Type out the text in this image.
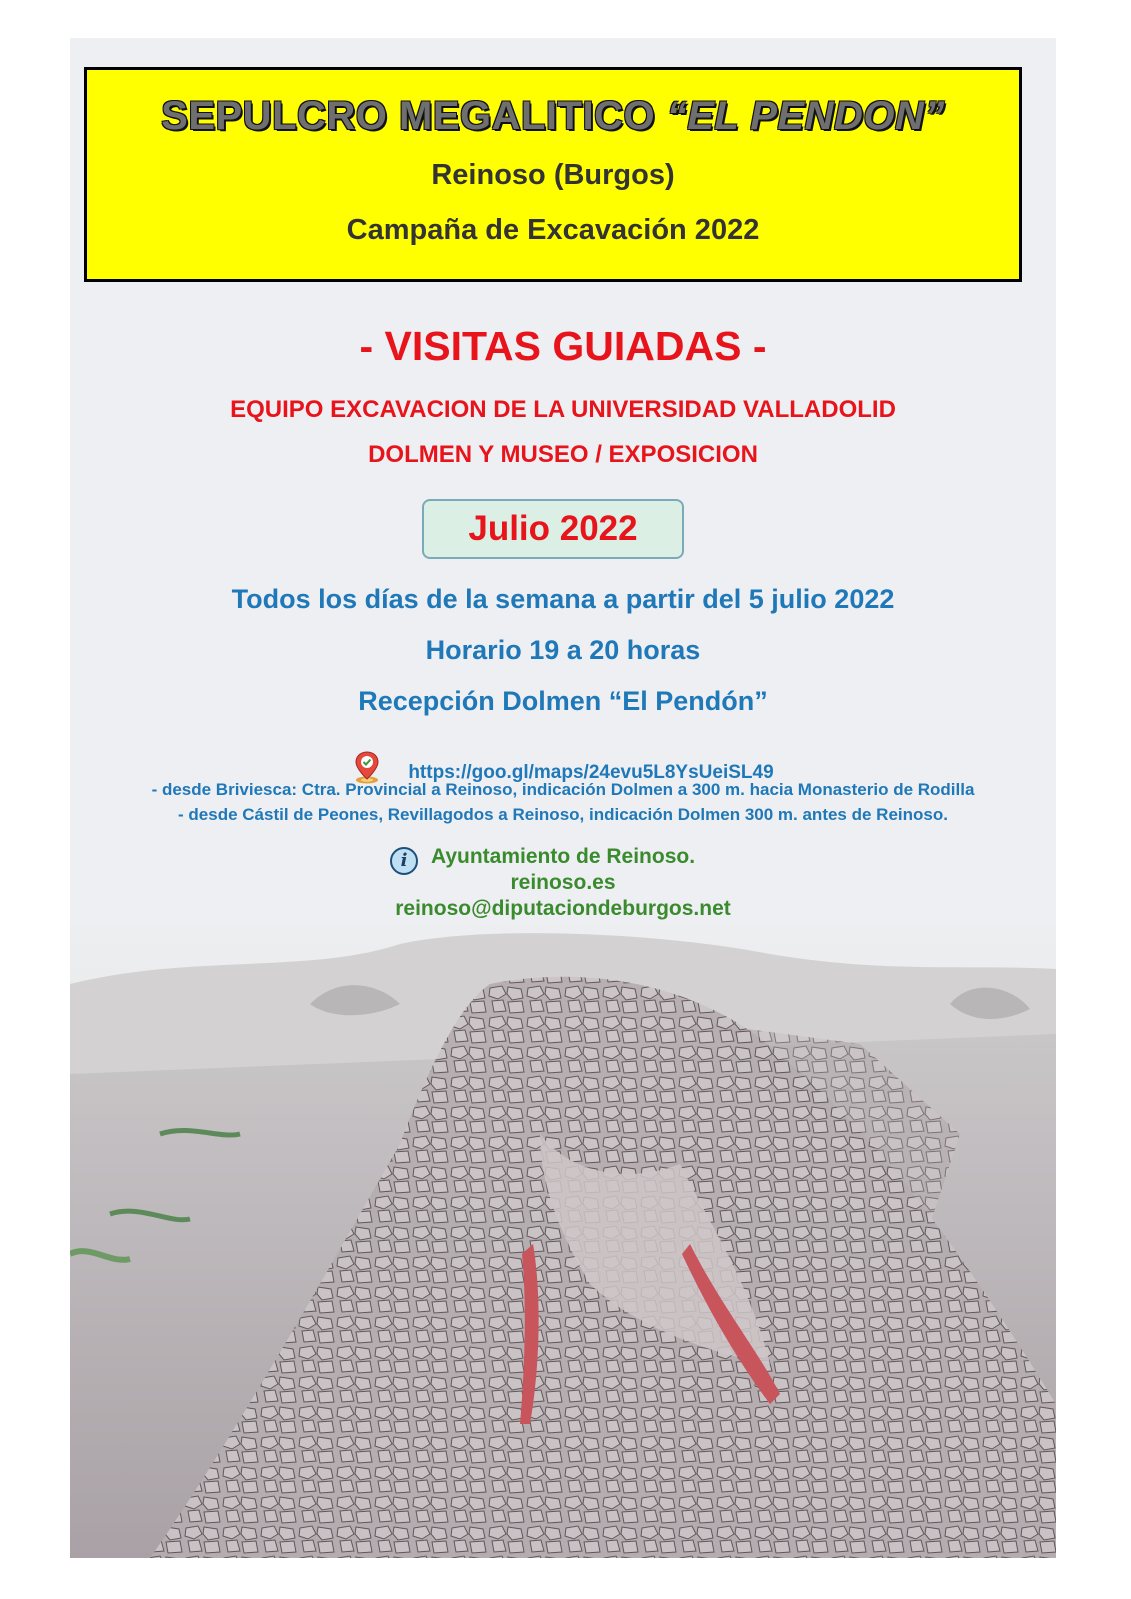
SEPULCRO MEGALITICO “EL PENDON”
Reinoso (Burgos)
Campaña de Excavación 2022
- VISITAS GUIADAS -
EQUIPO EXCAVACION DE LA UNIVERSIDAD VALLADOLID
DOLMEN Y MUSEO / EXPOSICION
Julio 2022
Todos los días de la semana a partir del 5 julio 2022
Horario 19 a 20 horas
Recepción Dolmen “El Pendón”
https://goo.gl/maps/24evu5L8YsUeiSL49
- desde Briviesca: Ctra. Provincial a Reinoso, indicación Dolmen a 300 m. hacia Monasterio de Rodilla
- desde Cástil de Peones, Revillagodos a Reinoso, indicación Dolmen 300 m. antes de Reinoso.
i	Ayuntamiento de Reinoso.
reinoso.es
reinoso@diputaciondeburgos.net
